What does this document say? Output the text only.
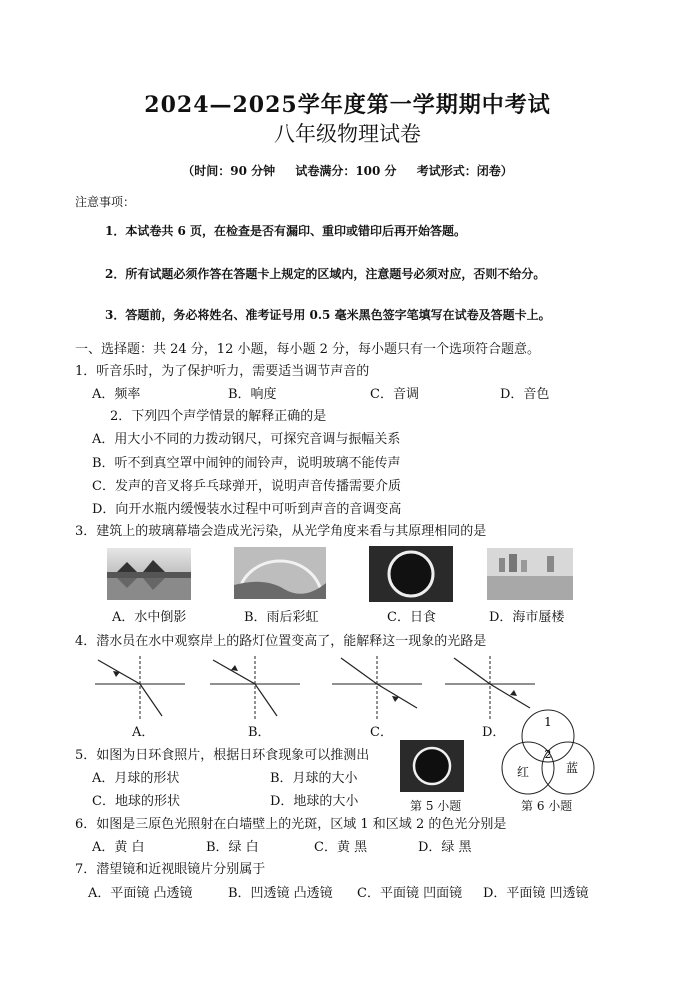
2024—2025学年度第一学期期中考试
八年级物理试卷
（时间：90 分钟 试卷满分：100 分 考试形式：闭卷）
注意事项：
1．本试卷共 6 页，在检查是否有漏印、重印或错印后再开始答题。
2．所有试题必须作答在答题卡上规定的区域内，注意题号必须对应，否则不给分。
3．答题前，务必将姓名、准考证号用 0.5 毫米黑色签字笔填写在试卷及答题卡上。
一、选择题：共 24 分，12 小题，每小题 2 分，每小题只有一个选项符合题意。
1．听音乐时，为了保护听力，需要适当调节声音的
A．频率	B．响度	C．音调	D．音色
2．下列四个声学情景的解释正确的是
A．用大小不同的力拨动钢尺，可探究音调与振幅关系
B．听不到真空罩中闹钟的闹铃声，说明玻璃不能传声
C．发声的音叉将乒乓球弹开，说明声音传播需要介质
D．向开水瓶内缓慢装水过程中可听到声音的音调变高
3．建筑上的玻璃幕墙会造成光污染，从光学角度来看与其原理相同的是
A．水中倒影	B．雨后彩虹	C．日食	D．海市蜃楼
4．潜水员在水中观察岸上的路灯位置变高了，能解释这一现象的光路是
A．	B．	C．	D．
1
2
红	蓝
5．如图为日环食照片，根据日环食现象可以推测出
A．月球的形状	B．月球的大小
C．地球的形状	D．地球的大小	第 5 小题	第 6 小题
6．如图是三原色光照射在白墙壁上的光斑，区域 1 和区域 2 的色光分别是
A．黄 白	B．绿 白	C．黄 黑	D．绿 黑
7．潜望镜和近视眼镜片分别属于
A．平面镜 凸透镜	B．凹透镜 凸透镜 C．平面镜 凹面镜 D．平面镜 凹透镜
